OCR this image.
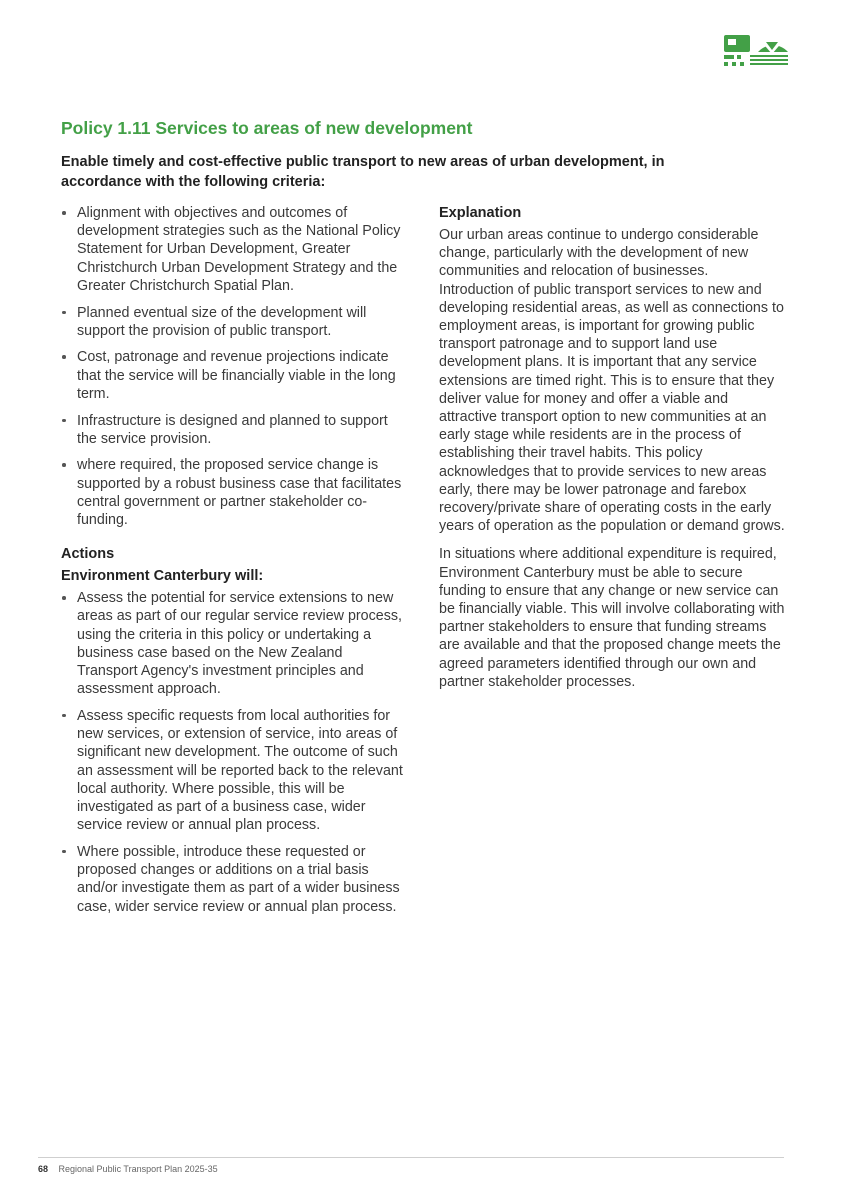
Policy 1.11 Services to areas of new development

Enable timely and cost-effective public transport to new areas of urban development, in accordance with the following criteria:

Alignment with objectives and outcomes of development strategies such as the National Policy Statement for Urban Development, Greater Christchurch Urban Development Strategy and the Greater Christchurch Spatial Plan.
Planned eventual size of the development will support the provision of public transport.
Cost, patronage and revenue projections indicate that the service will be financially viable in the long term.
Infrastructure is designed and planned to support the service provision.
where required, the proposed service change is supported by a robust business case that facilitates central government or partner stakeholder co-funding.
Actions
Environment Canterbury will:
Assess the potential for service extensions to new areas as part of our regular service review process, using the criteria in this policy or undertaking a business case based on the New Zealand Transport Agency's investment principles and assessment approach.
Assess specific requests from local authorities for new services, or extension of service, into areas of significant new development. The outcome of such an assessment will be reported back to the relevant local authority. Where possible, this will be investigated as part of a business case, wider service review or annual plan process.
Where possible, introduce these requested or proposed changes or additions on a trial basis and/or investigate them as part of a wider business case, wider service review or annual plan process.
Explanation

Our urban areas continue to undergo considerable change, particularly with the development of new communities and relocation of businesses. Introduction of public transport services to new and developing residential areas, as well as connections to employment areas, is important for growing public transport patronage and to support land use development plans. It is important that any service extensions are timed right. This is to ensure that they deliver value for money and offer a viable and attractive transport option to new communities at an early stage while residents are in the process of establishing their travel habits. This policy acknowledges that to provide services to new areas early, there may be lower patronage and farebox recovery/private share of operating costs in the early years of operation as the population or demand grows.

In situations where additional expenditure is required, Environment Canterbury must be able to secure funding to ensure that any change or new service can be financially viable. This will involve collaborating with partner stakeholders to ensure that funding streams are available and that the proposed change meets the agreed parameters identified through our own and partner stakeholder processes.

68 Regional Public Transport Plan 2025-35
